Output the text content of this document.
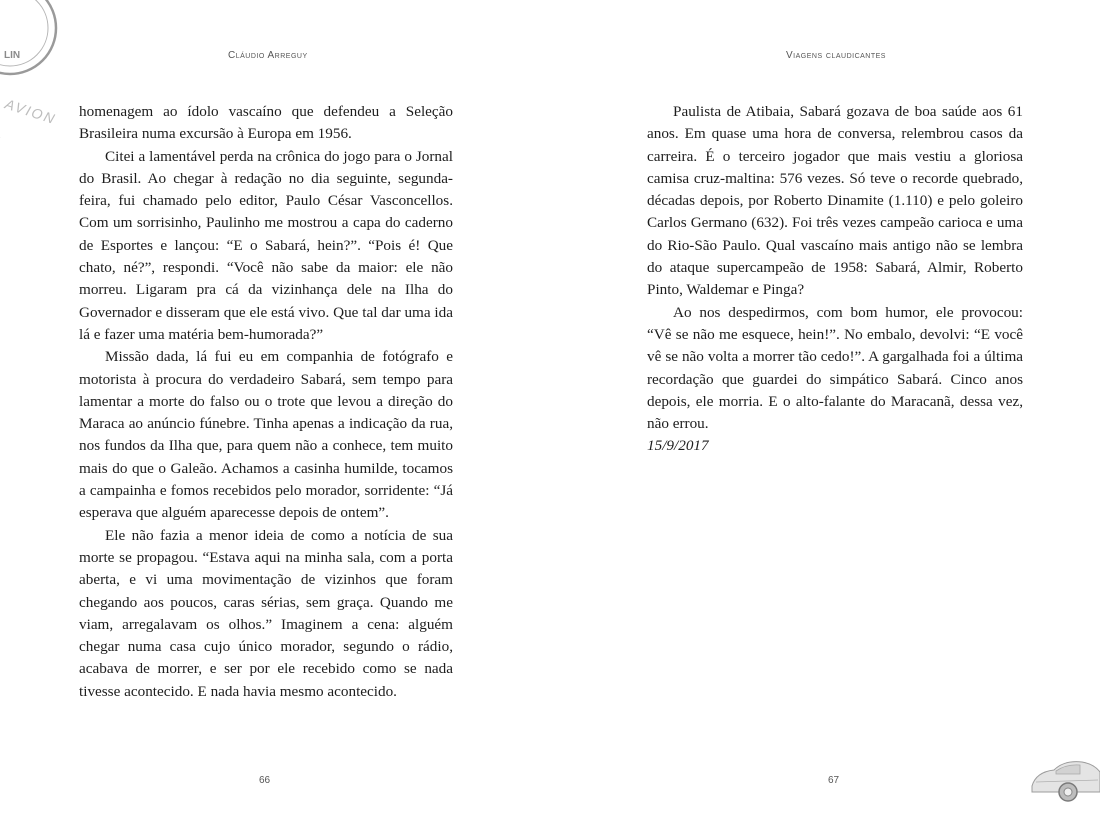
LIN
AVION
Cláudio Arreguy

homenagem ao ídolo vascaíno que defendeu a Seleção Brasileira numa excursão à Europa em 1956.

Citei a lamentável perda na crônica do jogo para o Jornal do Brasil. Ao chegar à redação no dia seguinte, segunda-feira, fui chamado pelo editor, Paulo César Vasconcellos. Com um sorrisinho, Paulinho me mostrou a capa do caderno de Esportes e lançou: “E o Sabará, hein?”. “Pois é! Que chato, né?”, respondi. “Você não sabe da maior: ele não morreu. Ligaram pra cá da vizinhança dele na Ilha do Governador e disseram que ele está vivo. Que tal dar uma ida lá e fazer uma matéria bem-humorada?”

Missão dada, lá fui eu em companhia de fotógrafo e motorista à procura do verdadeiro Sabará, sem tempo para lamentar a morte do falso ou o trote que levou a direção do Maraca ao anúncio fúnebre. Tinha apenas a indicação da rua, nos fundos da Ilha que, para quem não a conhece, tem muito mais do que o Galeão. Achamos a casinha humilde, tocamos a campainha e fomos recebidos pelo morador, sorridente: “Já esperava que alguém aparecesse depois de ontem”.

Ele não fazia a menor ideia de como a notícia de sua morte se propagou. “Estava aqui na minha sala, com a porta aberta, e vi uma movimentação de vizinhos que foram chegando aos poucos, caras sérias, sem graça. Quando me viam, arregalavam os olhos.” Imaginem a cena: alguém chegar numa casa cujo único morador, segundo o rádio, acabava de morrer, e ser por ele recebido como se nada tivesse acontecido. E nada havia mesmo acontecido.

66
Viagens claudicantes

Paulista de Atibaia, Sabará gozava de boa saúde aos 61 anos. Em quase uma hora de conversa, relembrou casos da carreira. É o terceiro jogador que mais vestiu a gloriosa camisa cruz-maltina: 576 vezes. Só teve o recorde quebrado, décadas depois, por Roberto Dinamite (1.110) e pelo goleiro Carlos Germano (632). Foi três vezes campeão carioca e uma do Rio-São Paulo. Qual vascaíno mais antigo não se lembra do ataque supercampeão de 1958: Sabará, Almir, Roberto Pinto, Waldemar e Pinga?

Ao nos despedirmos, com bom humor, ele provocou: “Vê se não me esquece, hein!”. No embalo, devolvi: “E você vê se não volta a morrer tão cedo!”. A gargalhada foi a última recordação que guardei do simpático Sabará. Cinco anos depois, ele morria. E o alto-falante do Maracanã, dessa vez, não errou.

15/9/2017

67
